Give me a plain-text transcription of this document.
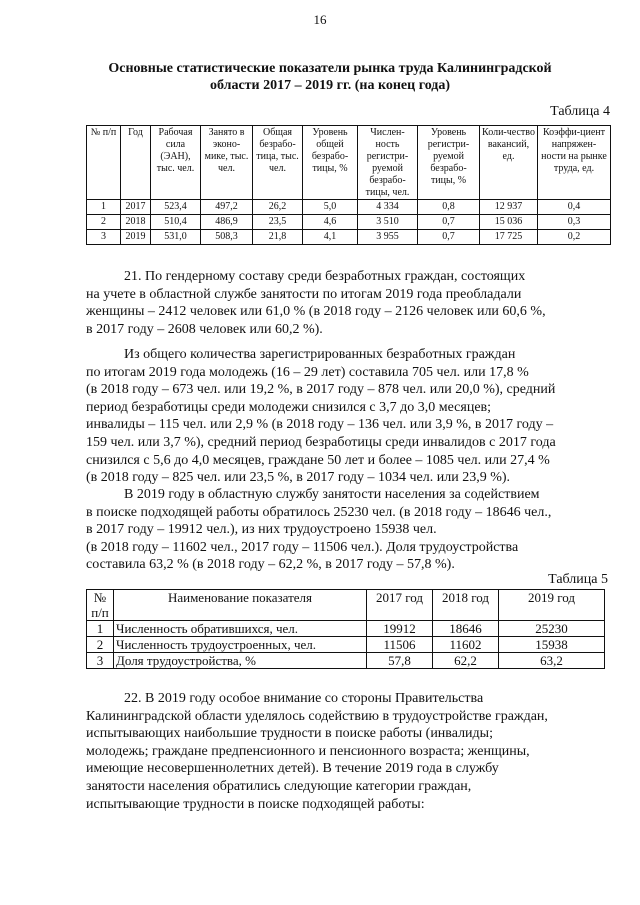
16
Основные статистические показатели рынка труда Калининградской
области 2017 – 2019 гг. (на конец года)
Таблица 4
№ п/п	Год	Рабочая сила (ЭАН), тыс. чел.	Занято в эконо-мике, тыс. чел.	Общая безрабо-тица, тыс. чел.	Уровень общей безрабо-тицы, %	Числен-ность регистри-руемой безрабо-тицы, чел.	Уровень регистри-руемой безрабо-тицы, %	Коли-чество вакансий, ед.	Коэффи-циент напряжен-ности на рынке труда, ед.
1	2017	523,4	497,2	26,2	5,0	4 334	0,8	12 937	0,4
2	2018	510,4	486,9	23,5	4,6	3 510	0,7	15 036	0,3
3	2019	531,0	508,3	21,8	4,1	3 955	0,7	17 725	0,2
21. По гендерному составу среди безработных граждан, состоящих
на учете в областной службе занятости по итогам 2019 года преобладали
женщины – 2412 человек или 61,0 % (в 2018 году – 2126 человек или 60,6 %,
в 2017 году – 2608 человек или 60,2 %).
Из общего количества зарегистрированных безработных граждан
по итогам 2019 года молодежь (16 – 29 лет) составила 705 чел. или 17,8 %
(в 2018 году – 673 чел. или 19,2 %, в 2017 году – 878 чел. или 20,0 %), средний
период безработицы среди молодежи снизился с 3,7 до 3,0 месяцев;
инвалиды – 115 чел. или 2,9 % (в 2018 году – 136 чел. или 3,9 %, в 2017 году –
159 чел. или 3,7 %), средний период безработицы среди инвалидов с 2017 года
снизился с 5,6 до 4,0 месяцев, граждане 50 лет и более – 1085 чел. или 27,4 %
(в 2018 году – 825 чел. или 23,5 %, в 2017 году – 1034 чел. или 23,9 %).
В 2019 году в областную службу занятости населения за содействием
в поиске подходящей работы обратилось 25230 чел. (в 2018 году – 18646 чел.,
в 2017 году – 19912 чел.), из них трудоустроено 15938 чел.
(в 2018 году – 11602 чел., 2017 году – 11506 чел.). Доля трудоустройства
составила 63,2 % (в 2018 году – 62,2 %, в 2017 году – 57,8 %).
Таблица 5
№ п/п	Наименование показателя	2017 год	2018 год	2019 год
1	Численность обратившихся, чел.	19912	18646	25230
2	Численность трудоустроенных, чел.	11506	11602	15938
3	Доля трудоустройства, %	57,8	62,2	63,2
22. В 2019 году особое внимание со стороны Правительства
Калининградской области уделялось содействию в трудоустройстве граждан,
испытывающих наибольшие трудности в поиске работы (инвалиды;
молодежь; граждане предпенсионного и пенсионного возраста; женщины,
имеющие несовершеннолетних детей). В течение 2019 года в службу
занятости населения обратились следующие категории граждан,
испытывающие трудности в поиске подходящей работы:
